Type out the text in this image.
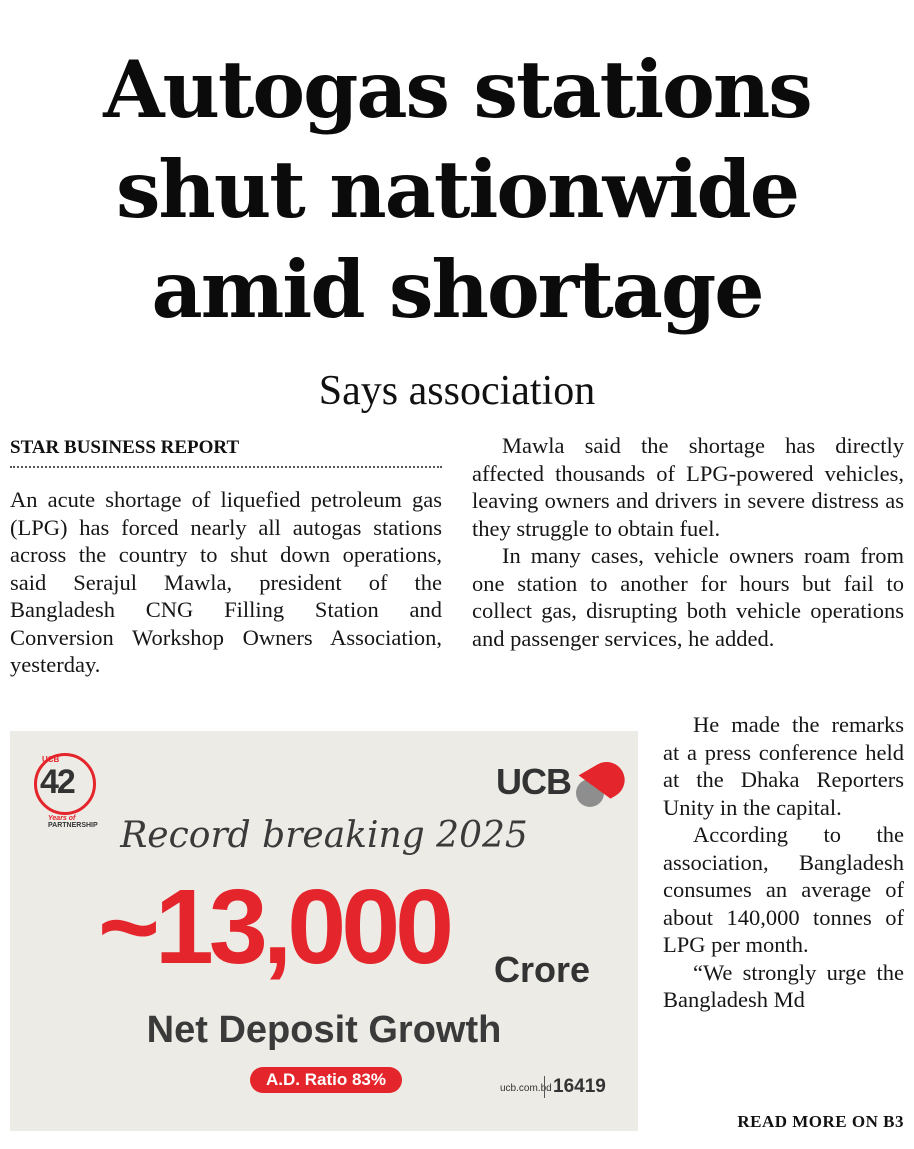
Autogas stations
shut nationwide
amid shortage
Says association
STAR BUSINESS REPORT

An acute shortage of liquefied petroleum gas (LPG) has forced nearly all autogas stations across the country to shut down operations, said Serajul Mawla, president of the Bangladesh CNG Filling Station and Conversion Workshop Owners Association, yesterday.

Mawla said the shortage has directly affected thousands of LPG-powered vehicles, leaving owners and drivers in severe distress as they struggle to obtain fuel.

In many cases, vehicle owners roam from one station to another for hours but fail to collect gas, disrupting both vehicle operations and passenger services, he added.

He made the remarks at a press conference held at the Dhaka Reporters Unity in the capital.

According to the association, Bangladesh consumes an average of about 140,000 tonnes of LPG per month.

“We strongly urge the Bangladesh Md

READ MORE ON B3
UCB
42
Years of PARTNERSHIP
UCB
Record breaking 2025
~13,000 Crore
Net Deposit Growth
A.D. Ratio 83%	ucb.com.bd 16419
